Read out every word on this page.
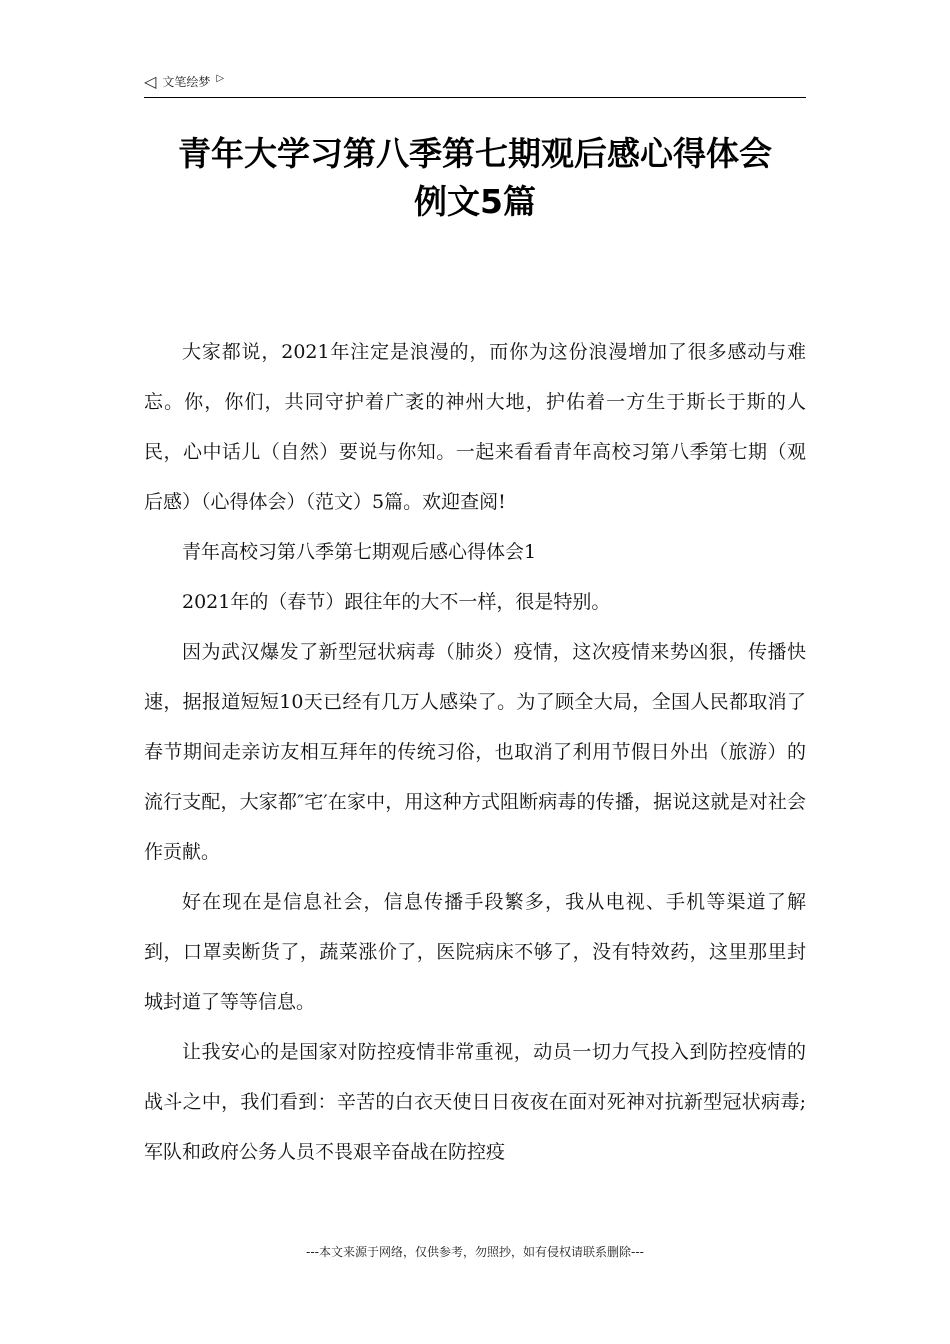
◁ 文笔绘梦 ▷
青年大学习第八季第七期观后感心得体会
例文5篇

大家都说，2021年注定是浪漫的，而你为这份浪漫增加了很多感动与难忘。你，你们，共同守护着广袤的神州大地，护佑着一方生于斯长于斯的人民，心中话儿（自然）要说与你知。一起来看看青年高校习第八季第七期（观后感）（心得体会）（范文）5篇。欢迎查阅!

青年高校习第八季第七期观后感心得体会1

2021年的（春节）跟往年的大不一样，很是特别。

因为武汉爆发了新型冠状病毒（肺炎）疫情，这次疫情来势凶狠，传播快速，据报道短短10天已经有几万人感染了。为了顾全大局，全国人民都取消了春节期间走亲访友相互拜年的传统习俗，也取消了利用节假日外出（旅游）的流行支配，大家都″宅′在家中，用这种方式阻断病毒的传播，据说这就是对社会作贡献。

好在现在是信息社会，信息传播手段繁多，我从电视、手机等渠道了解到，口罩卖断货了，蔬菜涨价了，医院病床不够了，没有特效药，这里那里封城封道了等等信息。

让我安心的是国家对防控疫情非常重视，动员一切力气投入到防控疫情的战斗之中，我们看到：辛苦的白衣天使日日夜夜在面对死神对抗新型冠状病毒;军队和政府公务人员不畏艰辛奋战在防控疫

---本文来源于网络，仅供参考，勿照抄，如有侵权请联系删除---
